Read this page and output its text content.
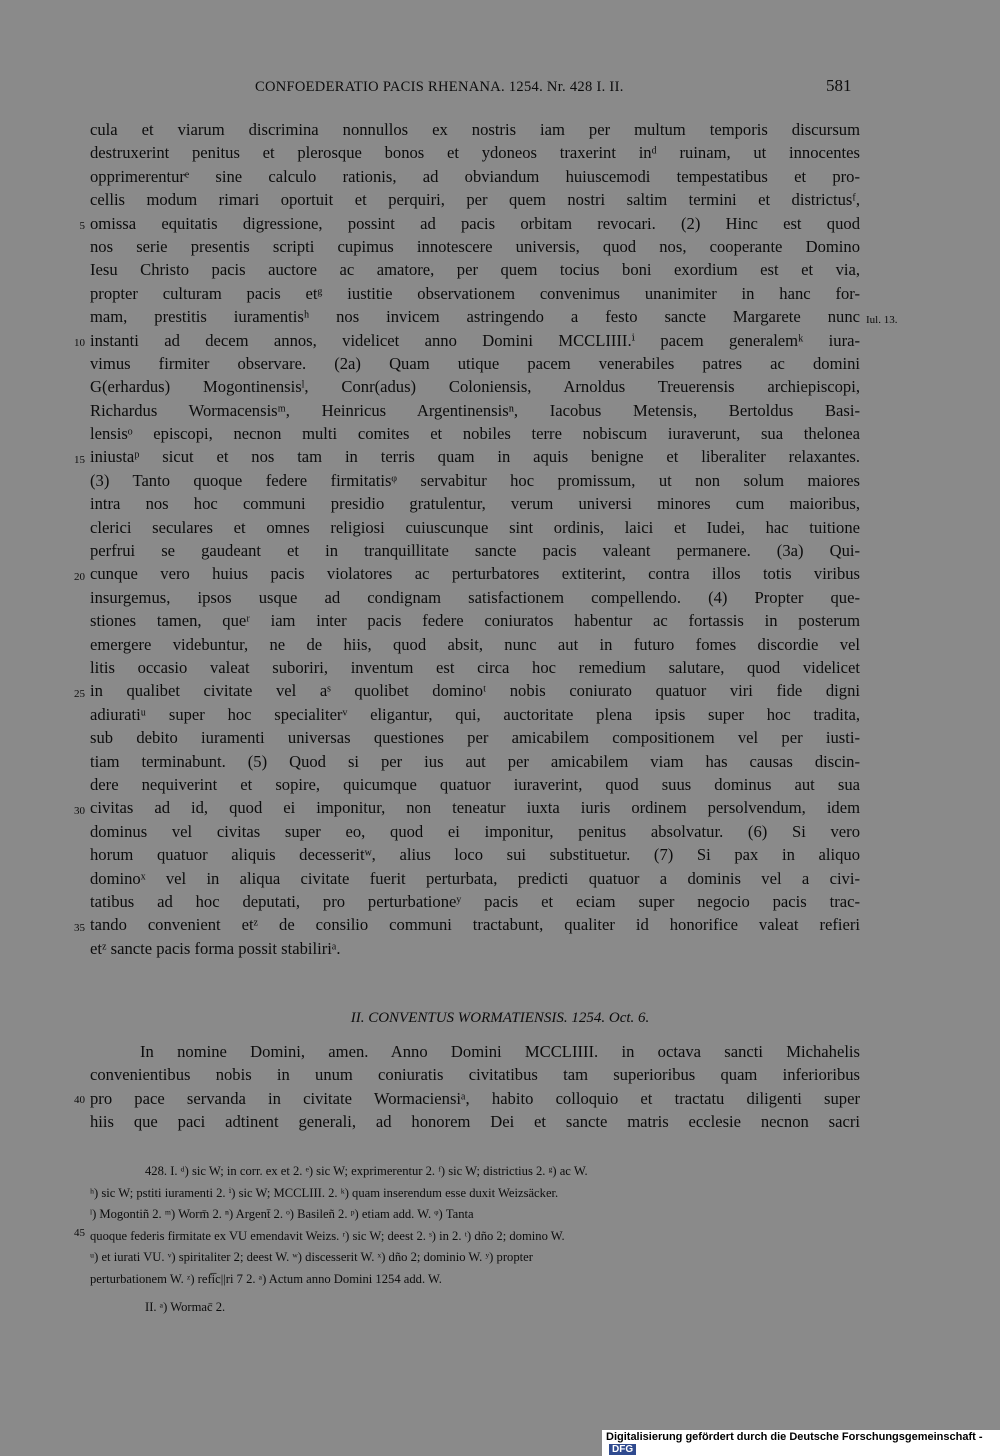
CONFOEDERATIO PACIS RHENANA. 1254. Nr. 428 I. II.	581
cula et viarum discrimina nonnullos ex nostris iam per multum temporis discursum
destruxerint penitus et plerosque bonos et ydoneos traxerint inᵈ ruinam, ut innocentes
opprimerenturᵉ sine calculo rationis, ad obviandum huiuscemodi tempestatibus et pro-
cellis modum rimari oportuit et perquiri, per quem nostri saltim termini et districtusᶠ,
omissa equitatis digressione, possint ad pacis orbitam revocari. (2) Hinc est quod
nos serie presentis scripti cupimus innotescere universis, quod nos, cooperante Domino
Iesu Christo pacis auctore ac amatore, per quem tocius boni exordium est et via,
propter culturam pacis etᵍ iustitie observationem convenimus unanimiter in hanc for-
mam, prestitis iuramentisʰ nos invicem astringendo a festo sancte Margarete nunc
instanti ad decem annos, videlicet anno Domini MCCLIIII.ⁱ pacem generalemᵏ iura-
vimus firmiter observare. (2a) Quam utique pacem venerabiles patres ac domini
G(erhardus) Mogontinensisˡ, Conr(adus) Coloniensis, Arnoldus Treuerensis archiepiscopi,
Richardus Wormacensisᵐ, Heinricus Argentinensisⁿ, Iacobus Metensis, Bertoldus Basi-
lensisᵒ episcopi, necnon multi comites et nobiles terre nobiscum iuraverunt, sua thelonea
iniustaᵖ sicut et nos tam in terris quam in aquis benigne et liberaliter relaxantes.
(3) Tanto quoque federe firmitatisᵠ servabitur hoc promissum, ut non solum maiores
intra nos hoc communi presidio gratulentur, verum universi minores cum maioribus,
clerici seculares et omnes religiosi cuiuscunque sint ordinis, laici et Iudei, hac tuitione
perfrui se gaudeant et in tranquillitate sancte pacis valeant permanere. (3a) Qui-
cunque vero huius pacis violatores ac perturbatores extiterint, contra illos totis viribus
insurgemus, ipsos usque ad condignam satisfactionem compellendo. (4) Propter que-
stiones tamen, queʳ iam inter pacis federe coniuratos habentur ac fortassis in posterum
emergere videbuntur, ne de hiis, quod absit, nunc aut in futuro fomes discordie vel
litis occasio valeat suboriri, inventum est circa hoc remedium salutare, quod videlicet
in qualibet civitate vel aˢ quolibet dominoᵗ nobis coniurato quatuor viri fide digni
adiuratiᵘ super hoc specialiterᵛ eligantur, qui, auctoritate plena ipsis super hoc tradita,
sub debito iuramenti universas questiones per amicabilem compositionem vel per iusti-
tiam terminabunt. (5) Quod si per ius aut per amicabilem viam has causas discin-
dere nequiverint et sopire, quicumque quatuor iuraverint, quod suus dominus aut sua
civitas ad id, quod ei imponitur, non teneatur iuxta iuris ordinem persolvendum, idem
dominus vel civitas super eo, quod ei imponitur, penitus absolvatur. (6) Si vero
horum quatuor aliquis decesseritʷ, alius loco sui substituetur. (7) Si pax in aliquo
dominoˣ vel in aliqua civitate fuerit perturbata, predicti quatuor a dominis vel a civi-
tatibus ad hoc deputati, pro perturbationeʸ pacis et eciam super negocio pacis trac-
tando convenient etᶻ de consilio communi tractabunt, qualiter id honorifice valeat refieri
etᶻ sancte pacis forma possit stabiliriᵃ.
5
10
15
20
25
30
35
Iul. 13.
II. CONVENTUS WORMATIENSIS. 1254. Oct. 6.
In nomine Domini, amen. Anno Domini MCCLIIII. in octava sancti Michahelis
convenientibus nobis in unum coniuratis civitatibus tam superioribus quam inferioribus
pro pace servanda in civitate Wormaciensiᵃ, habito colloquio et tractatu diligenti super
hiis que paci adtinent generali, ad honorem Dei et sancte matris ecclesie necnon sacri
40
428. I. ᵈ) sic W; in corr. ex et 2. ᵉ) sic W; exprimerentur 2. ᶠ) sic W; districtius 2. ᵍ) ac W.
ʰ) sic W; pstiti iuramenti 2. ⁱ) sic W; MCCLIII. 2. ᵏ) quam inserendum esse duxit Weizsäcker.
ˡ) Mogontiñ 2. ᵐ) Worm̄ 2. ⁿ) Argent̄ 2. ᵒ) Basileñ 2. ᵖ) etiam add. W. ᵠ) Tanta
quoque federis firmitate ex VU emendavit Weizs. ʳ) sic W; deest 2. ˢ) in 2. ᵗ) dño 2; domino W.
ᵘ) et iurati VU. ᵛ) spiritaliter 2; deest W. ʷ) discesserit W. ˣ) dño 2; dominio W. ʸ) propter
perturbationem W. ᶻ) refi̅c||ri 7 2. ᵃ) Actum anno Domini 1254 add. W.
45
II. ᵃ) Wormac̄ 2.
Digitalisierung gefördert durch die Deutsche Forschungsgemeinschaft - DFG
